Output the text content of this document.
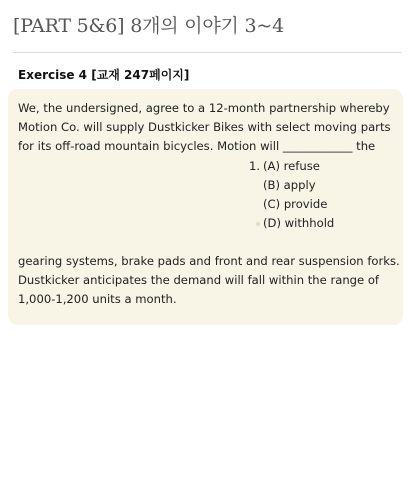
[PART 5&6] 8개의 이야기 3~4
Exercise 4 [교재 247페이지]
We, the undersigned, agree to a 12-month partnership whereby
Motion Co. will supply Dustkicker Bikes with select moving parts
for its off-road mountain bicycles. Motion will ____________ the
1. (A) refuse
(B) apply
(C) provide
(D) withhold
gearing systems, brake pads and front and rear suspension forks.
Dustkicker anticipates the demand will fall within the range of
1,000-1,200 units a month.
